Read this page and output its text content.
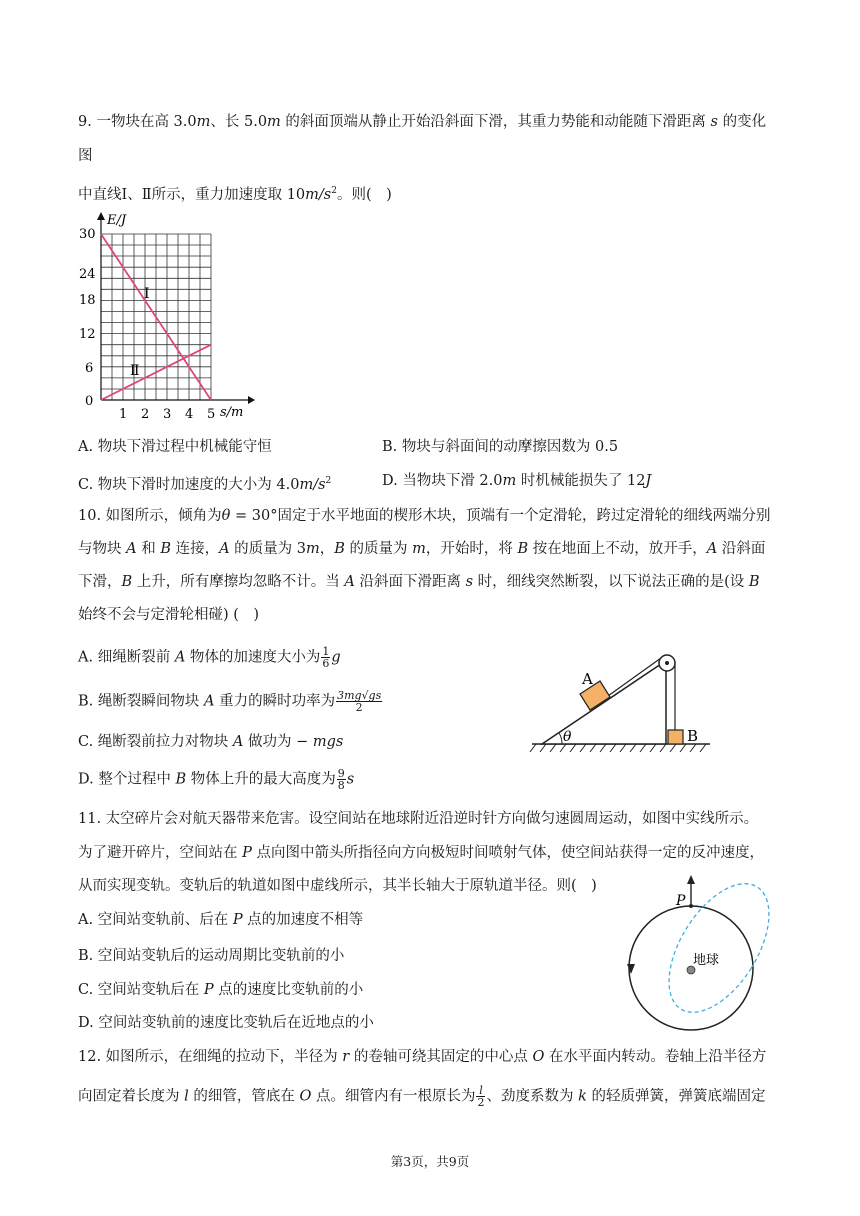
9. 一物块在高 3.0m、长 5.0m 的斜面顶端从静止开始沿斜面下滑，其重力势能和动能随下滑距离 s 的变化
图
中直线Ⅰ、Ⅱ所示，重力加速度取 $10m/s^2$。则(　)
E/J
s/m
30
24
18
12
6
0
1 2 3 4 5
Ⅰ
Ⅱ
A. 物块下滑过程中机械能守恒	B. 物块与斜面间的动摩擦因数为 0.5
C. 物块下滑时加速度的大小为 $4.0m/s^2$	D. 当物块下滑 2.0m 时机械能损失了 12J
10. 如图所示，倾角为θ = 30°固定于水平地面的楔形木块，顶端有一个定滑轮，跨过定滑轮的细线两端分别
与物块 A 和 B 连接，A 的质量为 3m，B 的质量为 m，开始时，将 B 按在地面上不动，放开手，A 沿斜面
下滑，B 上升，所有摩擦均忽略不计。当 A 沿斜面下滑距离 s 时，细线突然断裂，以下说法正确的是(设 B
始终不会与定滑轮相碰) (　)
A. 细绳断裂前 A 物体的加速度大小为 $\frac{1}{6}$ g
B. 绳断裂瞬间物块 A 重力的瞬时功率为 $\frac{3mg√gs}{2}$
C. 绳断裂前拉力对物块 A 做功为 − mgs
D. 整个过程中 B 物体上升的最大高度为 $\frac{9}{8}$ s
A
B
θ
11. 太空碎片会对航天器带来危害。设空间站在地球附近沿逆时针方向做匀速圆周运动，如图中实线所示。
为了避开碎片，空间站在 P 点向图中箭头所指径向方向极短时间喷射气体，使空间站获得一定的反冲速度，
从而实现变轨。变轨后的轨道如图中虚线所示，其半长轴大于原轨道半径。则(　)
A. 空间站变轨前、后在 P 点的加速度不相等
B. 空间站变轨后的运动周期比变轨前的小
C. 空间站变轨后在 P 点的速度比变轨前的小
D. 空间站变轨前的速度比变轨后在近地点的小
P
地球
12. 如图所示，在细绳的拉动下，半径为 r 的卷轴可绕其固定的中心点 O 在水平面内转动。卷轴上沿半径方
向固定着长度为 l 的细管，管底在 O 点。细管内有一根原长为 $\frac{l}{2}$ 、劲度系数为 k 的轻质弹簧，弹簧底端固定
第3页，共9页
